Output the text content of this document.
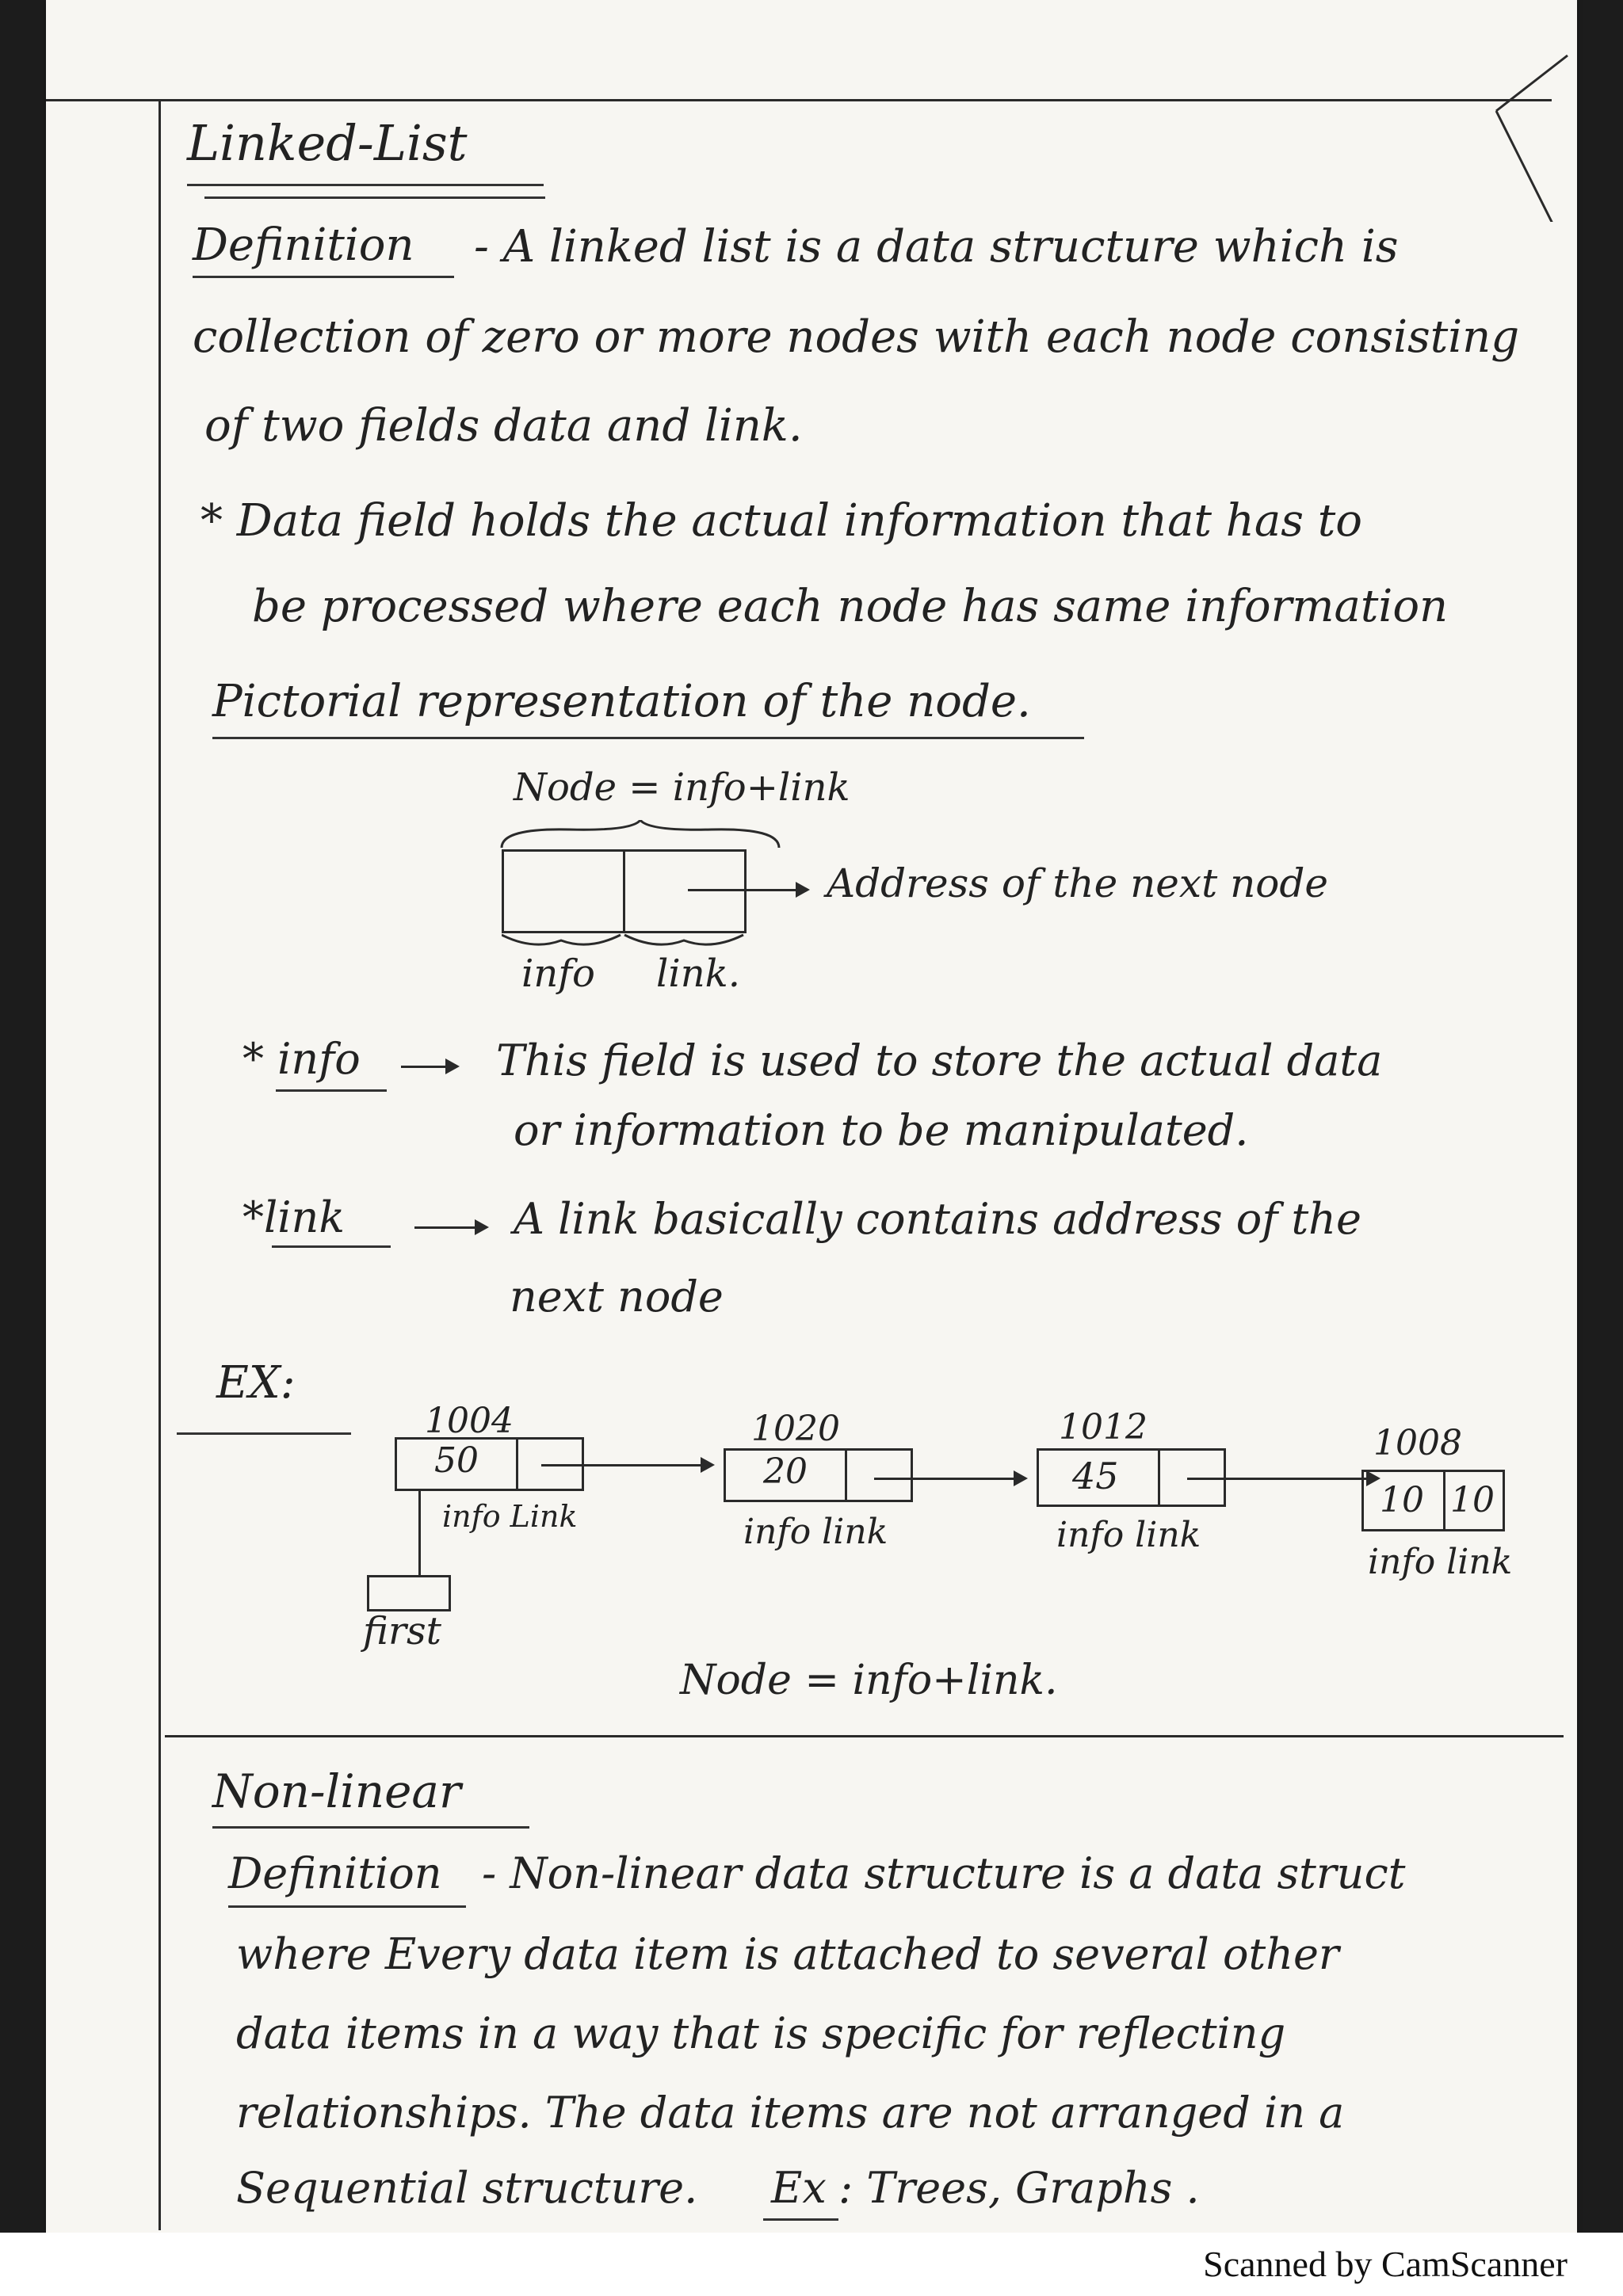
Linked-List
Definition - A linked list is a data structure which is
collection of zero or more nodes with each node consisting
of two fields data and link.
* Data field holds the actual information that has to
be processed where each node has same information
Pictorial representation of the node.
Node = info+link
Address of the next node
info link.
* info	This field is used to store the actual data
or information to be manipulated.
*link	A link basically contains address of the
next node
EX:
1004
50
info Link
first
1020
20
info link
1012
45
info link
1008
10 10
info link
Node = info+link.
Non-linear
Definition - Non-linear data structure is a data struct
where Every data item is attached to several other
data items in a way that is specific for reflecting
relationships. The data items are not arranged in a
Sequential structure. Ex : Trees, Graphs .
Scanned by CamScanner
